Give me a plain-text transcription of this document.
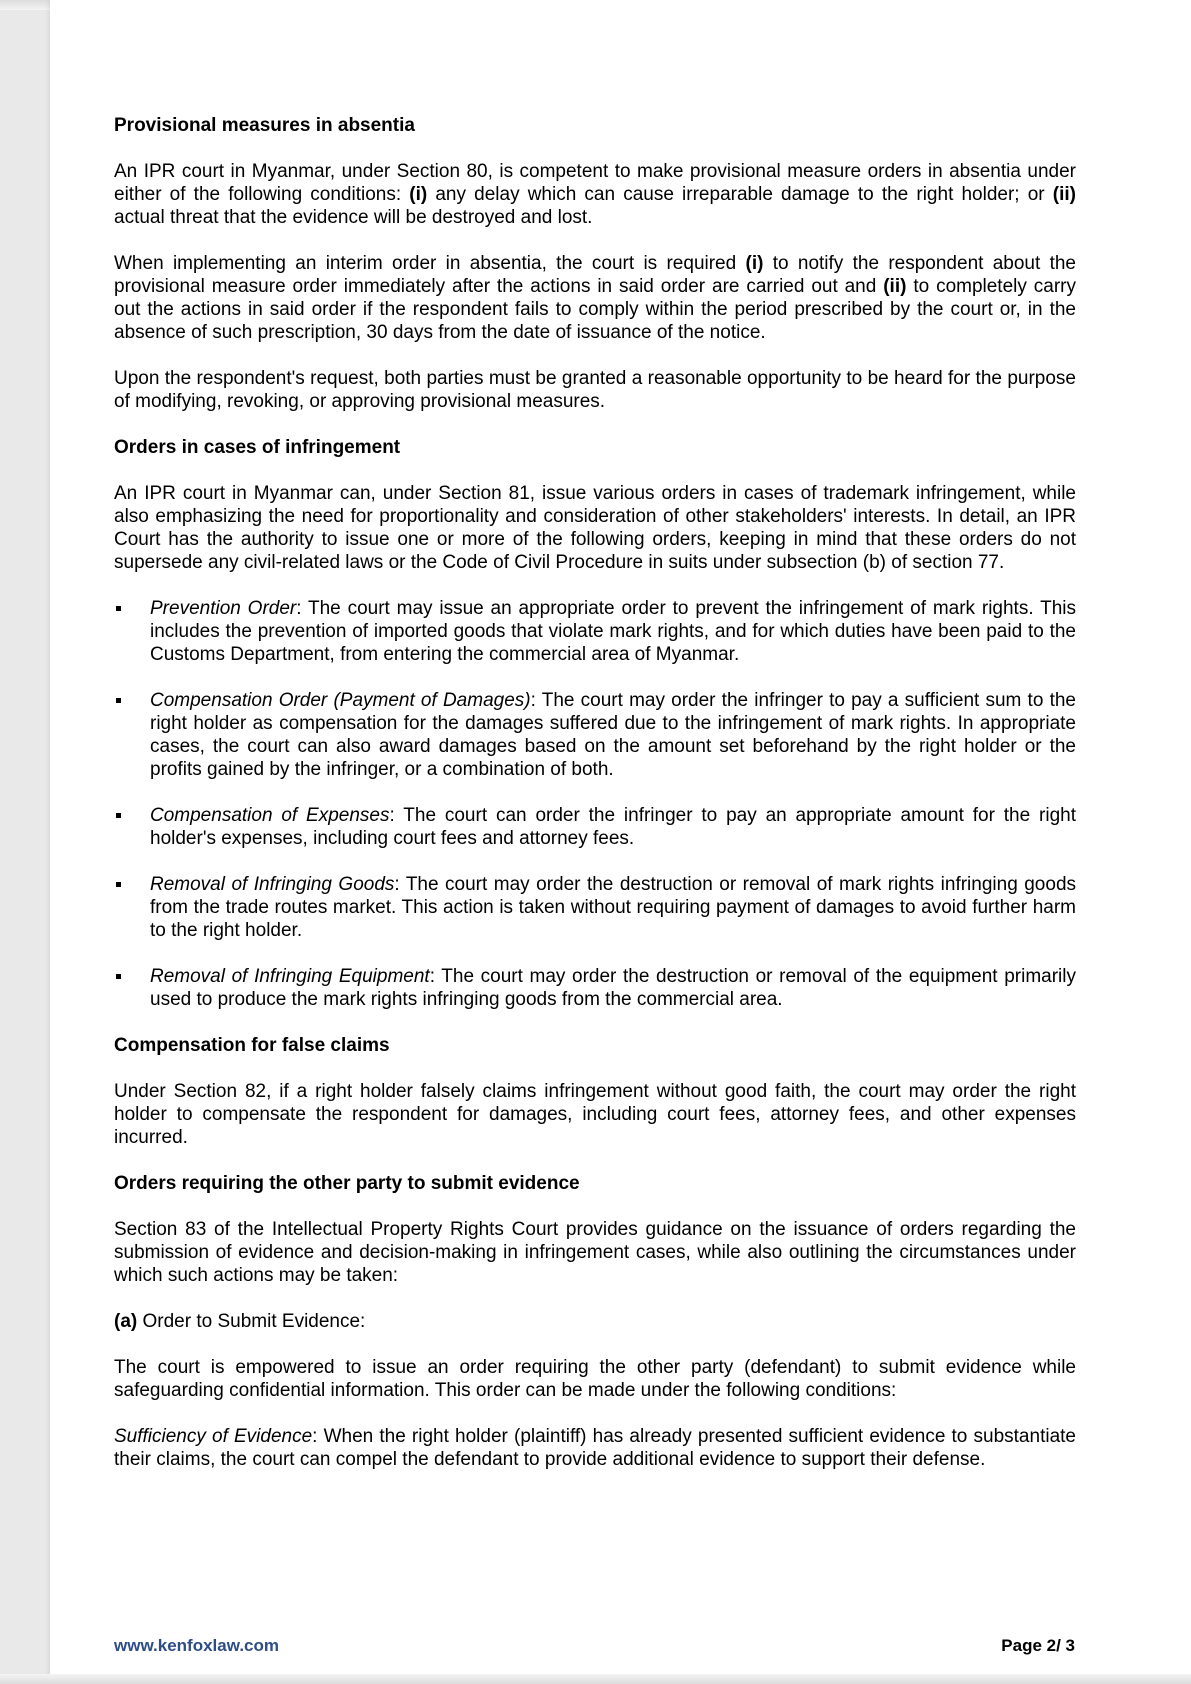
Provisional measures in absentia

An IPR court in Myanmar, under Section 80, is competent to make provisional measure orders in absentia under either of the following conditions: (i) any delay which can cause irreparable damage to the right holder; or (ii) actual threat that the evidence will be destroyed and lost.

When implementing an interim order in absentia, the court is required (i) to notify the respondent about the provisional measure order immediately after the actions in said order are carried out and (ii) to completely carry out the actions in said order if the respondent fails to comply within the period prescribed by the court or, in the absence of such prescription, 30 days from the date of issuance of the notice.

Upon the respondent's request, both parties must be granted a reasonable opportunity to be heard for the purpose of modifying, revoking, or approving provisional measures.

Orders in cases of infringement

An IPR court in Myanmar can, under Section 81, issue various orders in cases of trademark infringement, while also emphasizing the need for proportionality and consideration of other stakeholders' interests. In detail, an IPR Court has the authority to issue one or more of the following orders, keeping in mind that these orders do not supersede any civil-related laws or the Code of Civil Procedure in suits under subsection (b) of section 77.

Prevention Order: The court may issue an appropriate order to prevent the infringement of mark rights. This includes the prevention of imported goods that violate mark rights, and for which duties have been paid to the Customs Department, from entering the commercial area of Myanmar.
Compensation Order (Payment of Damages): The court may order the infringer to pay a sufficient sum to the right holder as compensation for the damages suffered due to the infringement of mark rights. In appropriate cases, the court can also award damages based on the amount set beforehand by the right holder or the profits gained by the infringer, or a combination of both.
Compensation of Expenses: The court can order the infringer to pay an appropriate amount for the right holder's expenses, including court fees and attorney fees.
Removal of Infringing Goods: The court may order the destruction or removal of mark rights infringing goods from the trade routes market. This action is taken without requiring payment of damages to avoid further harm to the right holder.
Removal of Infringing Equipment: The court may order the destruction or removal of the equipment primarily used to produce the mark rights infringing goods from the commercial area.
Compensation for false claims

Under Section 82, if a right holder falsely claims infringement without good faith, the court may order the right holder to compensate the respondent for damages, including court fees, attorney fees, and other expenses incurred.

Orders requiring the other party to submit evidence

Section 83 of the Intellectual Property Rights Court provides guidance on the issuance of orders regarding the submission of evidence and decision-making in infringement cases, while also outlining the circumstances under which such actions may be taken:

(a) Order to Submit Evidence:

The court is empowered to issue an order requiring the other party (defendant) to submit evidence while safeguarding confidential information. This order can be made under the following conditions:

Sufficiency of Evidence: When the right holder (plaintiff) has already presented sufficient evidence to substantiate their claims, the court can compel the defendant to provide additional evidence to support their defense.

www.kenfoxlaw.com	Page 2/ 3
